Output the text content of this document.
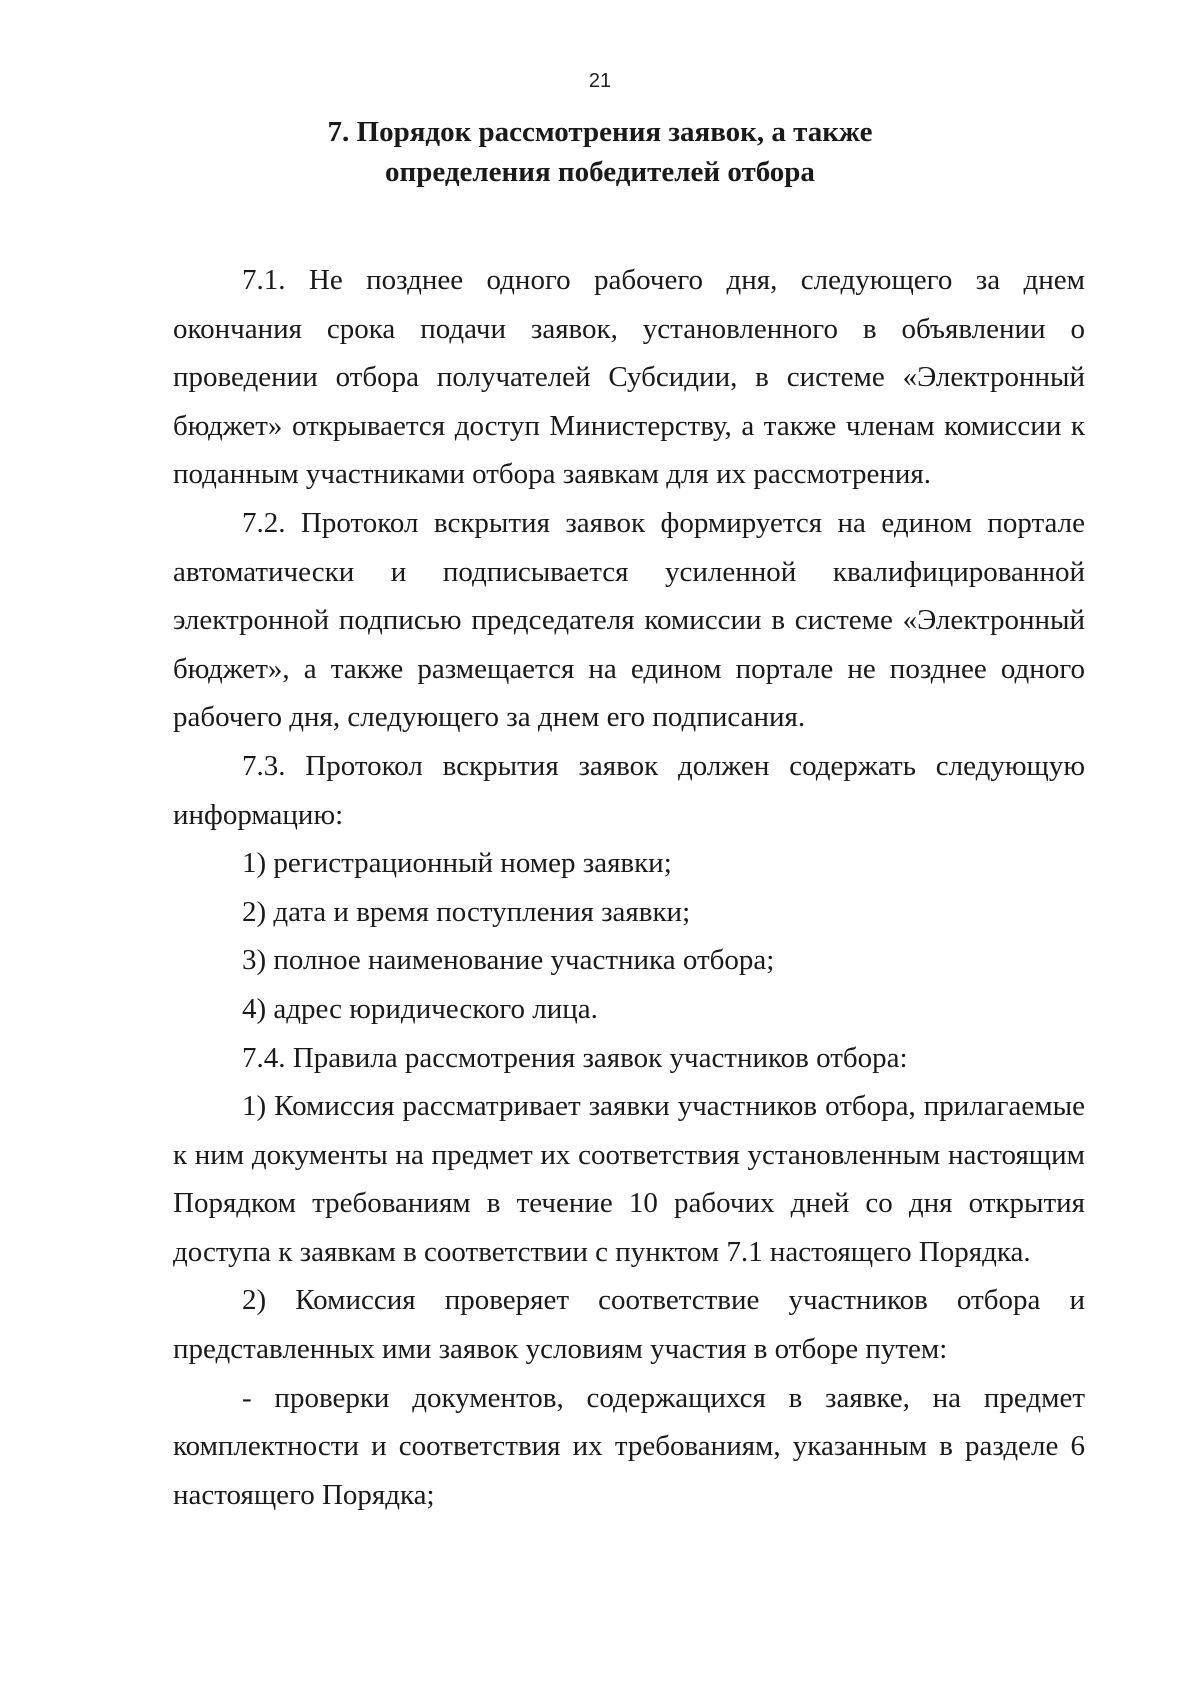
21
7. Порядок рассмотрения заявок, а также
определения победителей отбора

7.1. Не позднее одного рабочего дня, следующего за днем окончания срока подачи заявок, установленного в объявлении о проведении отбора получателей Субсидии, в системе «Электронный бюджет» открывается доступ Министерству, а также членам комиссии к поданным участниками отбора заявкам для их рассмотрения.

7.2. Протокол вскрытия заявок формируется на едином портале автоматически и подписывается усиленной квалифицированной электронной подписью председателя комиссии в системе «Электронный бюджет», а также размещается на едином портале не позднее одного рабочего дня, следующего за днем его подписания.

7.3. Протокол вскрытия заявок должен содержать следующую информацию:

1) регистрационный номер заявки;

2) дата и время поступления заявки;

3) полное наименование участника отбора;

4) адрес юридического лица.

7.4. Правила рассмотрения заявок участников отбора:

1) Комиссия рассматривает заявки участников отбора, прилагаемые к ним документы на предмет их соответствия установленным настоящим Порядком требованиям в течение 10 рабочих дней со дня открытия доступа к заявкам в соответствии с пунктом 7.1 настоящего Порядка.

2) Комиссия проверяет соответствие участников отбора и представленных ими заявок условиям участия в отборе путем:

- проверки документов, содержащихся в заявке, на предмет комплектности и соответствия их требованиям, указанным в разделе 6 настоящего Порядка;
